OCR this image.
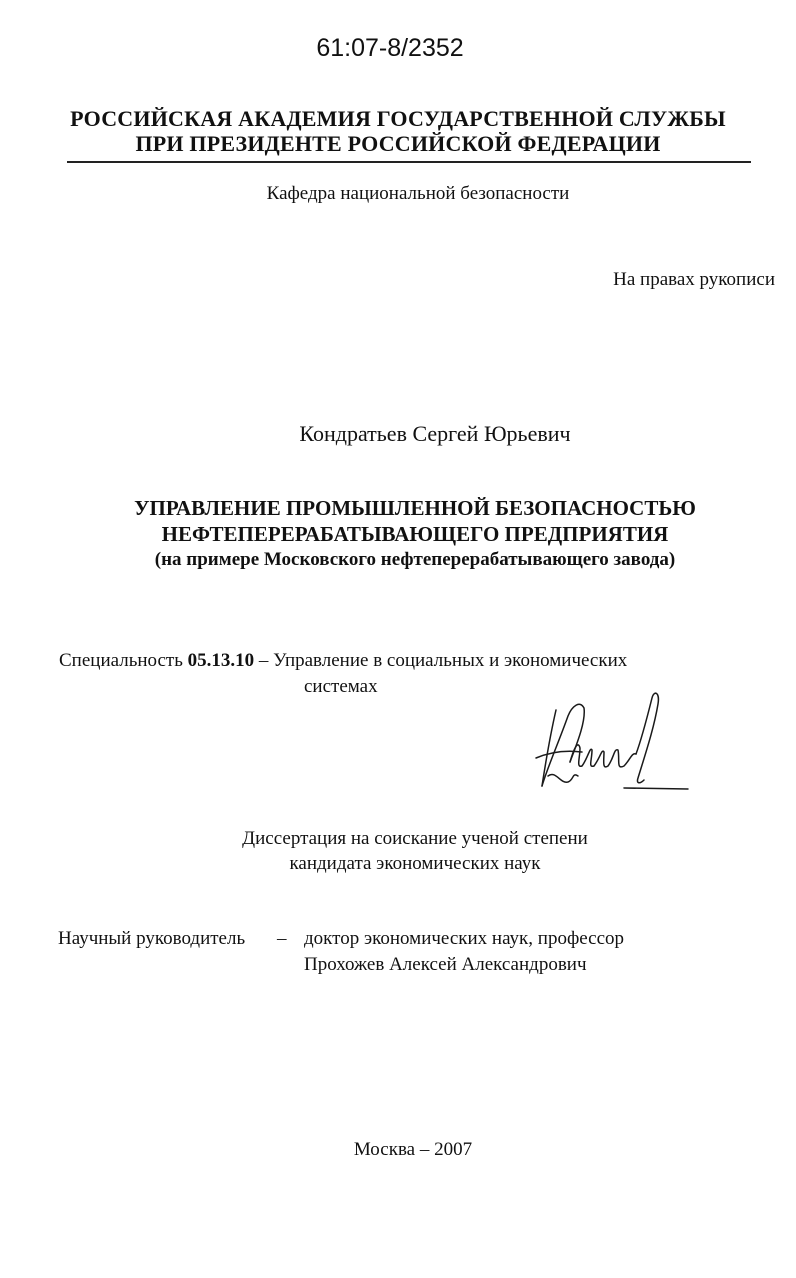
61:07-8/2352
РОССИЙСКАЯ АКАДЕМИЯ ГОСУДАРСТВЕННОЙ СЛУЖБЫ
ПРИ ПРЕЗИДЕНТЕ РОССИЙСКОЙ ФЕДЕРАЦИИ
Кафедра национальной безопасности
На правах рукописи
Кондратьев Сергей Юрьевич
УПРАВЛЕНИЕ ПРОМЫШЛЕННОЙ БЕЗОПАСНОСТЬЮ
НЕФТЕПЕРЕРАБАТЫВАЮЩЕГО ПРЕДПРИЯТИЯ
(на примере Московского нефтеперерабатывающего завода)
Специальность 05.13.10 – Управление в социальных и экономических
системах
Диссертация на соискание ученой степени
кандидата экономических наук
Научный руководитель – доктор экономических наук, профессор
Прохожев Алексей Александрович
Москва – 2007
